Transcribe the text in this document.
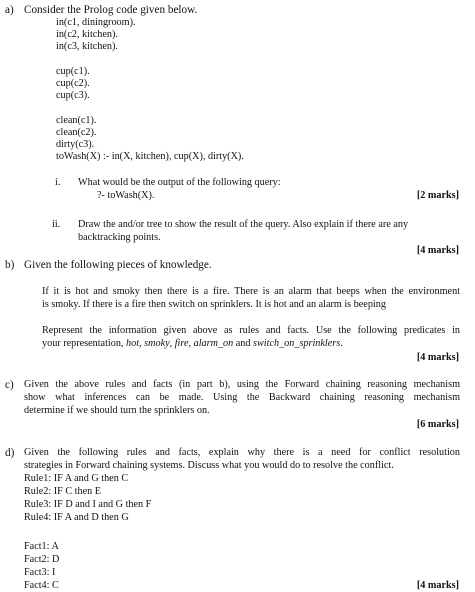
a) Consider the Prolog code given below.
in(c1, diningroom).
in(c2, kitchen).
in(c3, kitchen).
cup(c1).
cup(c2).
cup(c3).
clean(c1).
clean(c2).
dirty(c3).
toWash(X) :- in(X, kitchen), cup(X), dirty(X).
i. What would be the output of the following query:
?- toWash(X).	[2 marks]
ii. Draw the and/or tree to show the result of the query. Also explain if there are any
backtracking points.
[4 marks]
b) Given the following pieces of knowledge.
If it is hot and smoky then there is a fire. There is an alarm that beeps when the environment
is smoky. If there is a fire then switch on sprinklers. It is hot and an alarm is beeping
Represent the information given above as rules and facts. Use the following predicates in
your representation, hot, smoky, fire, alarm_on and switch_on_sprinklers.
[4 marks]
c) Given the above rules and facts (in part b), using the Forward chaining reasoning mechanism
show what inferences can be made. Using the Backward chaining reasoning mechanism
determine if we should turn the sprinklers on.
[6 marks]
d) Given the following rules and facts, explain why there is a need for conflict resolution
strategies in Forward chaining systems. Discuss what you would do to resolve the conflict.
Rule1: IF A and G then C
Rule2: IF C then E
Rule3: IF D and I and G then F
Rule4: IF A and D then G
Fact1: A
Fact2: D
Fact3: I
Fact4: C	[4 marks]
